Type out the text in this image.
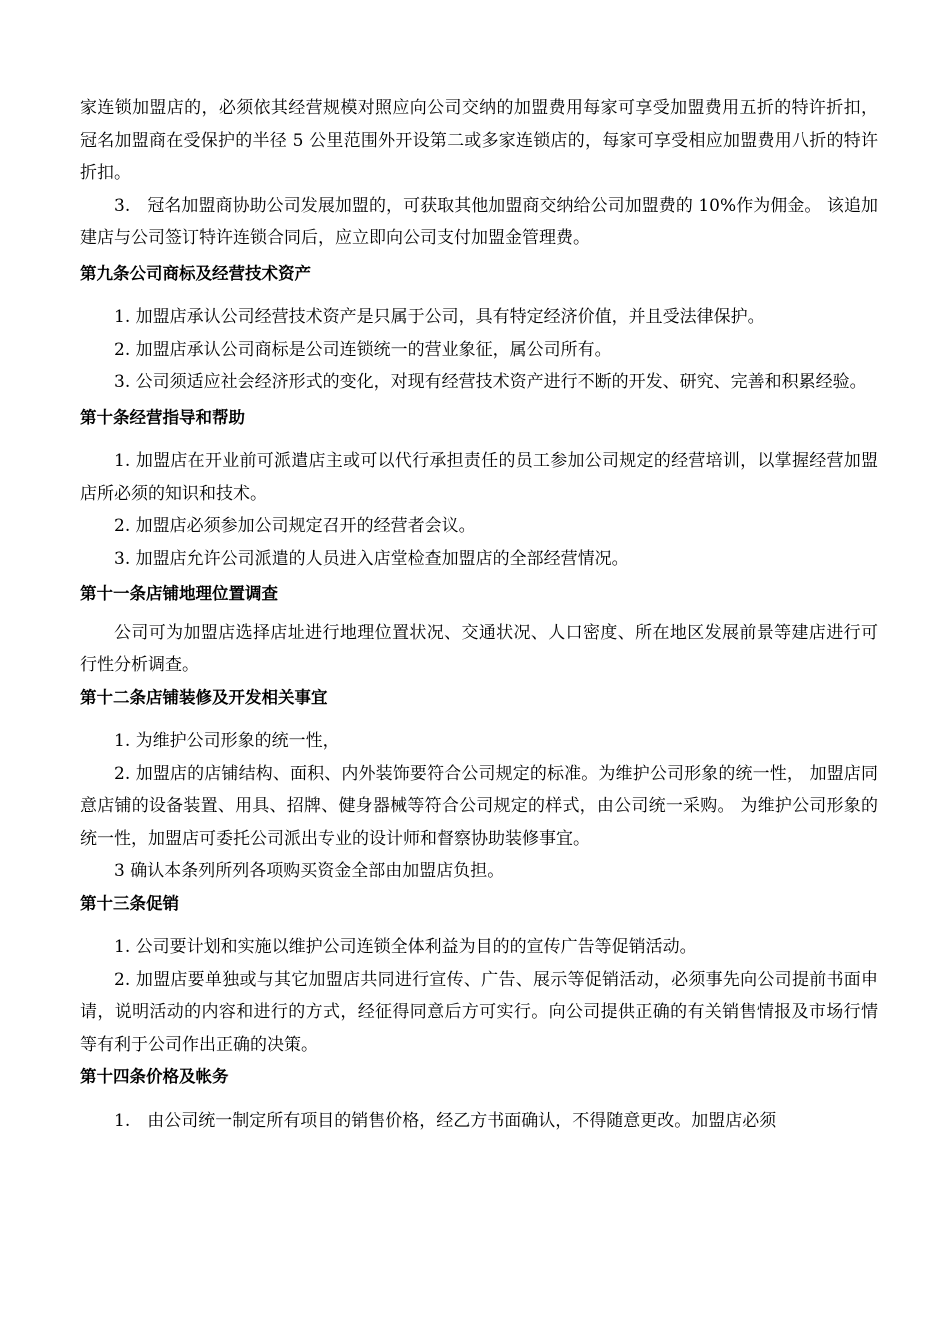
家连锁加盟店的，必须依其经营规模对照应向公司交纳的加盟费用每家可享受加盟费用五折的特许折扣，冠名加盟商在受保护的半径 5 公里范围外开设第二或多家连锁店的，每家可享受相应加盟费用八折的特许折扣。

3.　冠名加盟商协助公司发展加盟的，可获取其他加盟商交纳给公司加盟费的 10%作为佣金。 该追加建店与公司签订特许连锁合同后，应立即向公司支付加盟金管理费。

第九条公司商标及经营技术资产

1. 加盟店承认公司经营技术资产是只属于公司，具有特定经济价值，并且受法律保护。

2. 加盟店承认公司商标是公司连锁统一的营业象征，属公司所有。

3. 公司须适应社会经济形式的变化，对现有经营技术资产进行不断的开发、研究、完善和积累经验。

第十条经营指导和帮助

1. 加盟店在开业前可派遣店主或可以代行承担责任的员工参加公司规定的经营培训，以掌握经营加盟店所必须的知识和技术。

2. 加盟店必须参加公司规定召开的经营者会议。

3. 加盟店允许公司派遣的人员进入店堂检查加盟店的全部经营情况。

第十一条店铺地理位置调查

公司可为加盟店选择店址进行地理位置状况、交通状况、人口密度、所在地区发展前景等建店进行可行性分析调查。

第十二条店铺装修及开发相关事宜

1. 为维护公司形象的统一性，

2. 加盟店的店铺结构、面积、内外装饰要符合公司规定的标准。为维护公司形象的统一性， 加盟店同意店铺的设备装置、用具、招牌、健身器械等符合公司规定的样式，由公司统一采购。 为维护公司形象的统一性，加盟店可委托公司派出专业的设计师和督察协助装修事宜。

3 确认本条列所列各项购买资金全部由加盟店负担。

第十三条促销

1. 公司要计划和实施以维护公司连锁全体利益为目的的宣传广告等促销活动。

2. 加盟店要单独或与其它加盟店共同进行宣传、广告、展示等促销活动，必须事先向公司提前书面申请，说明活动的内容和进行的方式，经征得同意后方可实行。向公司提供正确的有关销售情报及市场行情等有利于公司作出正确的决策。

第十四条价格及帐务

1.　由公司统一制定所有项目的销售价格，经乙方书面确认，不得随意更改。加盟店必须
